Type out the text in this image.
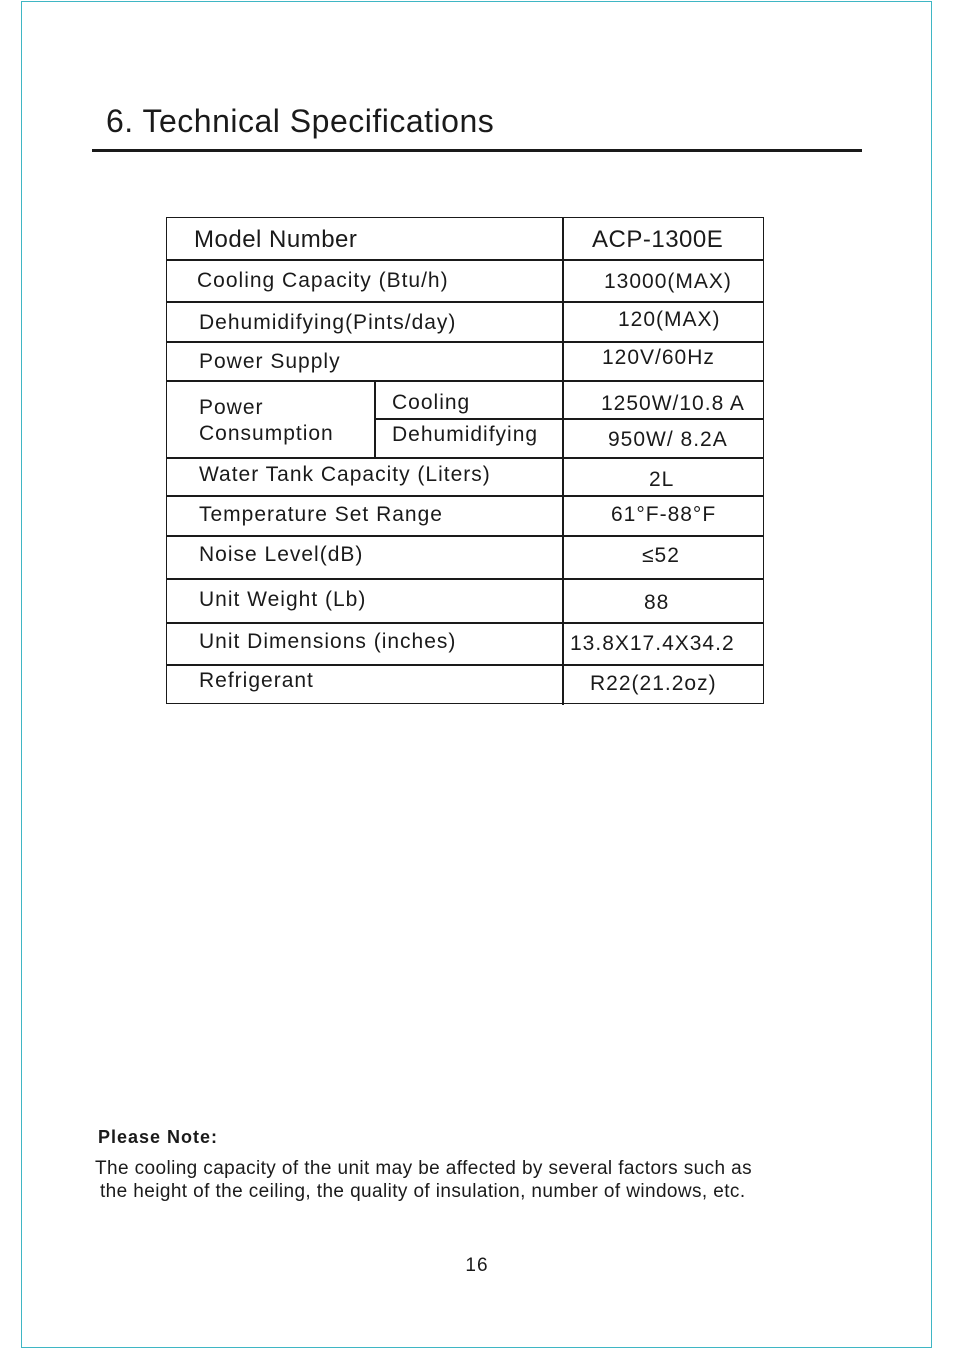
6. Technical Specifications
Model Number	ACP-1300E
Cooling Capacity (Btu/h)	13000(MAX)
Dehumidifying(Pints/day)	120(MAX)
Power Supply	120V/60Hz
Power Consumption
Cooling	1250W/10.8 A
Dehumidifying	950W/ 8.2A
Water Tank Capacity (Liters)	2L
Temperature Set Range	61°F-88°F
Noise Level(dB)	≤52
Unit Weight (Lb)	88
Unit Dimensions (inches)	13.8X17.4X34.2
Refrigerant	R22(21.2oz)
Please Note:
The cooling capacity of the unit may be affected by several factors such as
the height of the ceiling, the quality of insulation, number of windows, etc.
16
